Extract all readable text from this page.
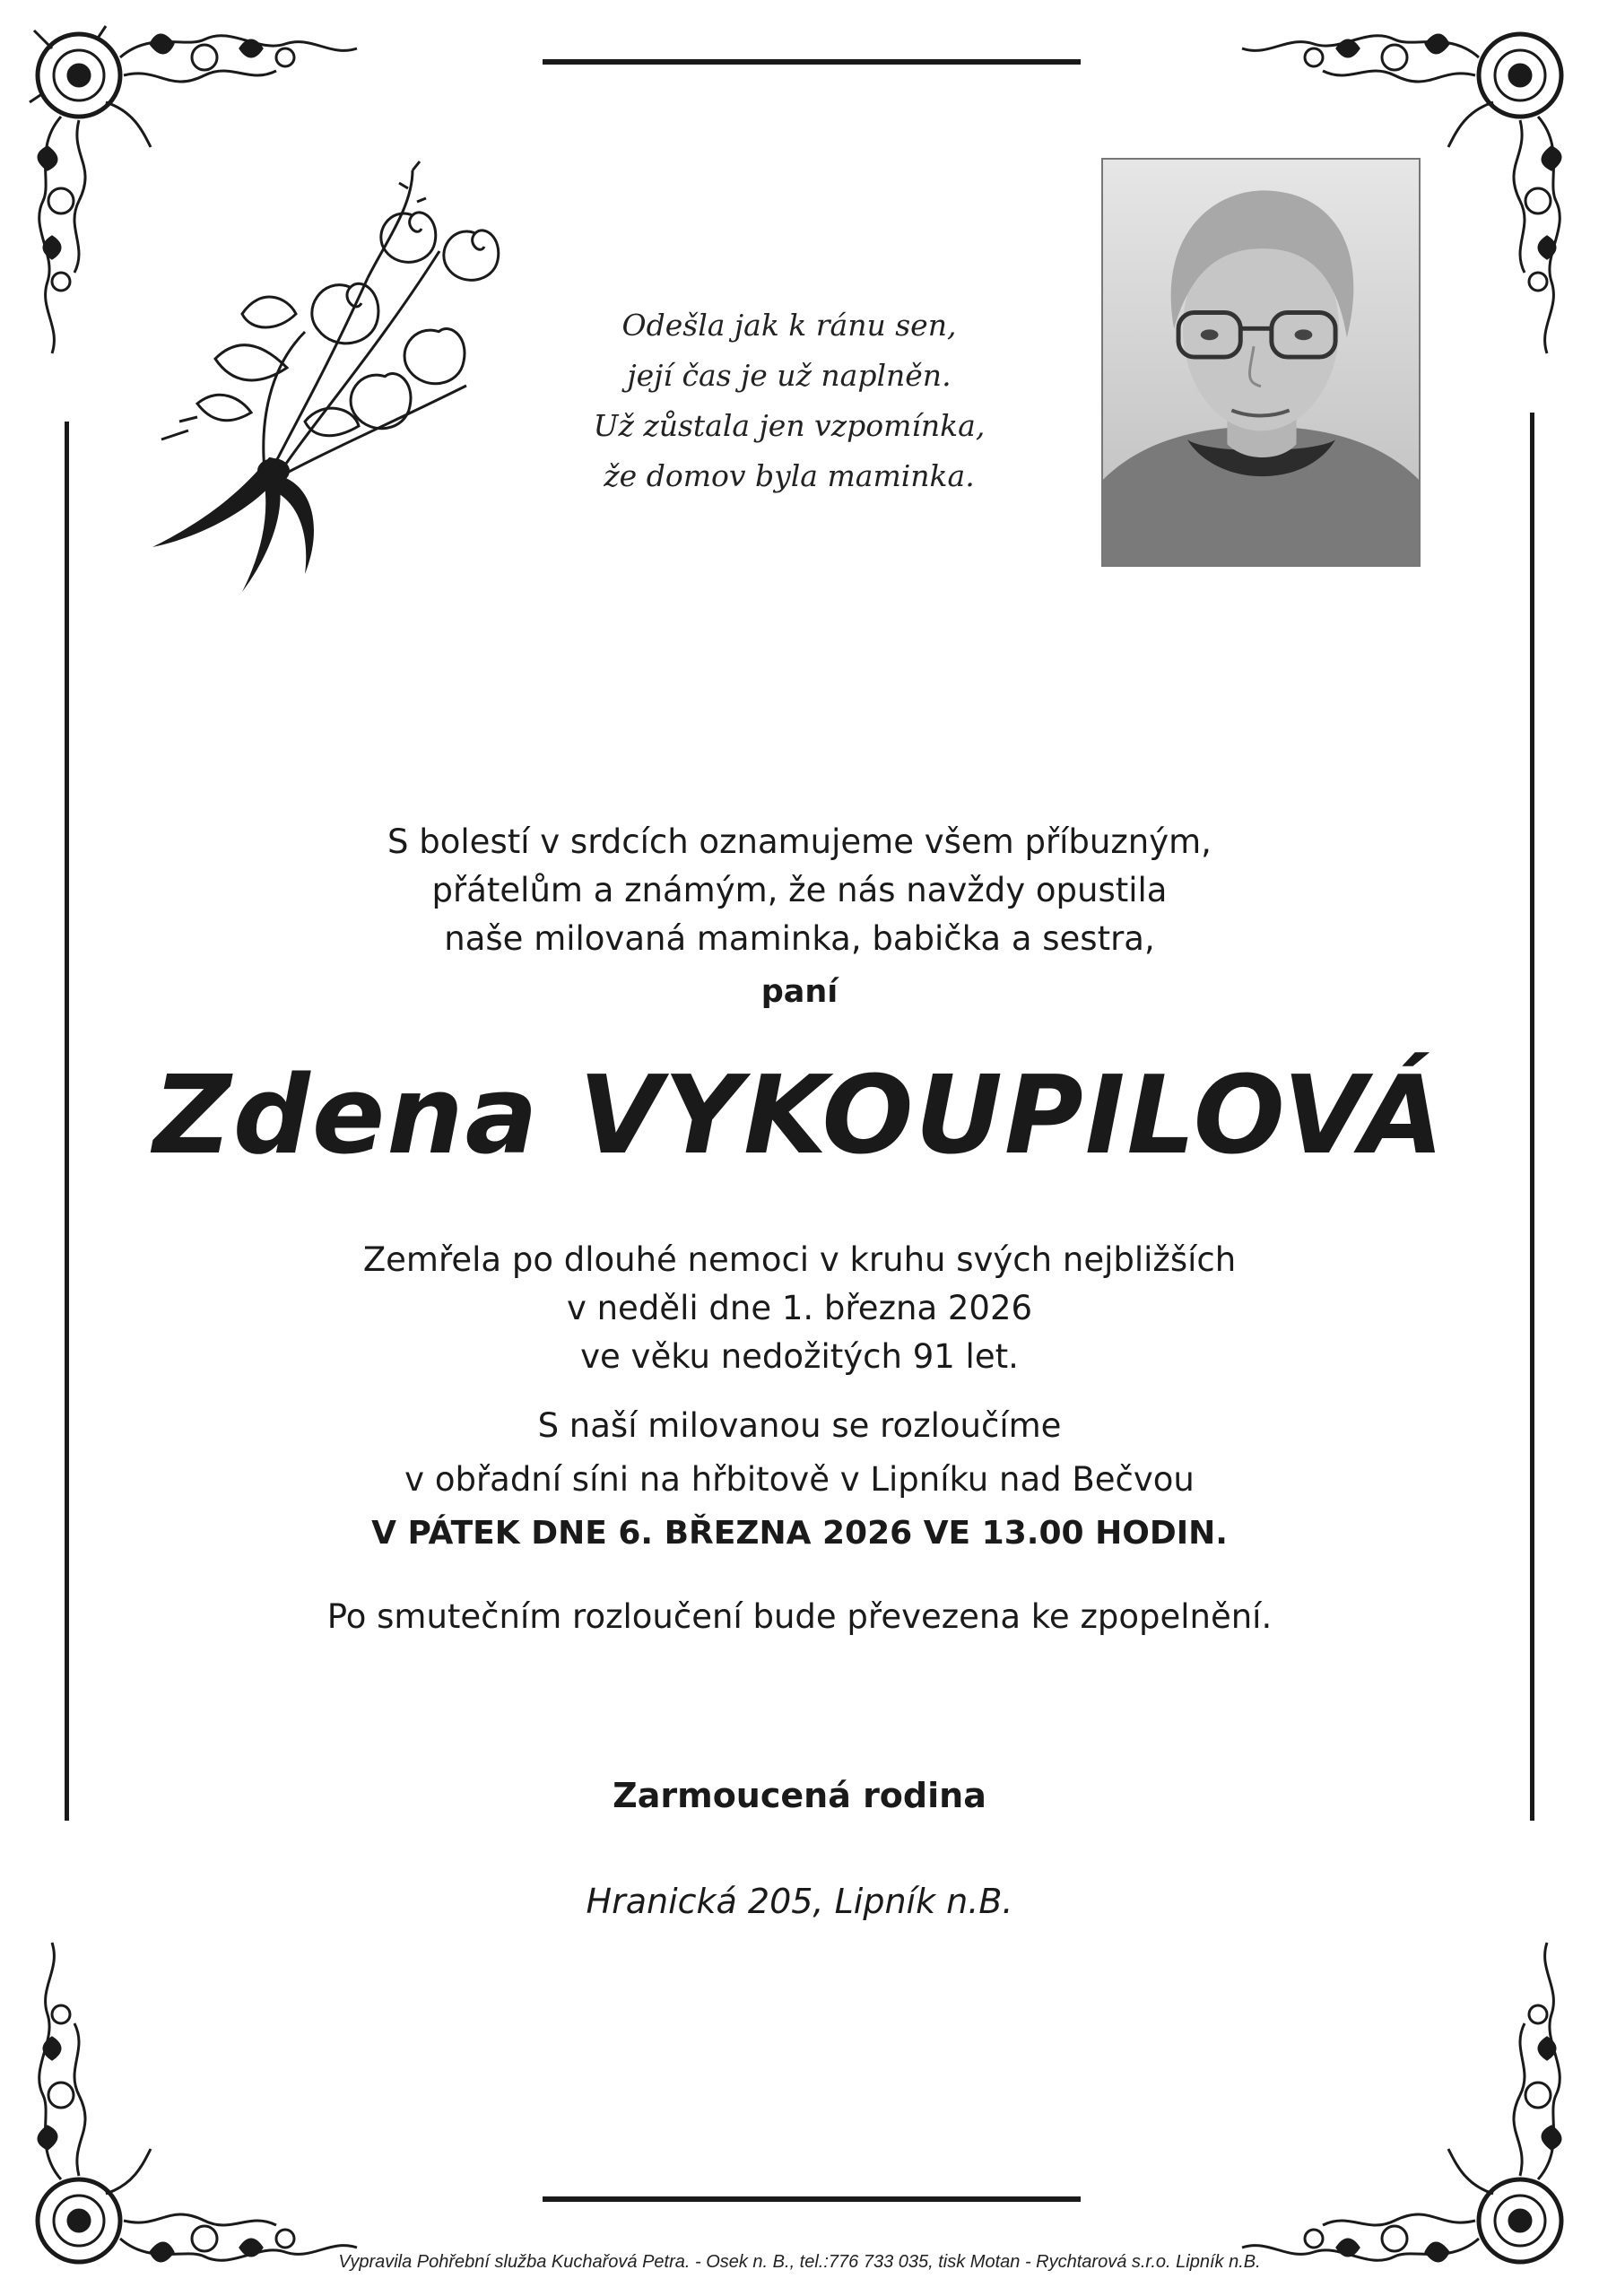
Odešla jak k ránu sen,
její čas je už naplněn.
Už zůstala jen vzpomínka,
že domov byla maminka.
S bolestí v srdcích oznamujeme všem příbuzným,
přátelům a známým, že nás navždy opustila
naše milovaná maminka, babička a sestra,
paní
Zdena VYKOUPILOVÁ
Zemřela po dlouhé nemoci v kruhu svých nejbližších
v neděli dne 1. března 2026
ve věku nedožitých 91 let.
S naší milovanou se rozloučíme
v obřadní síni na hřbitově v Lipníku nad Bečvou
V PÁTEK DNE 6. BŘEZNA 2026 VE 13.00 HODIN.
Po smutečním rozloučení bude převezena ke zpopelnění.
Zarmoucená rodina
Hranická 205, Lipník n.B.
Vypravila Pohřební služba Kuchařová Petra. - Osek n. B., tel.:776 733 035, tisk Motan - Rychtarová s.r.o. Lipník n.B.
